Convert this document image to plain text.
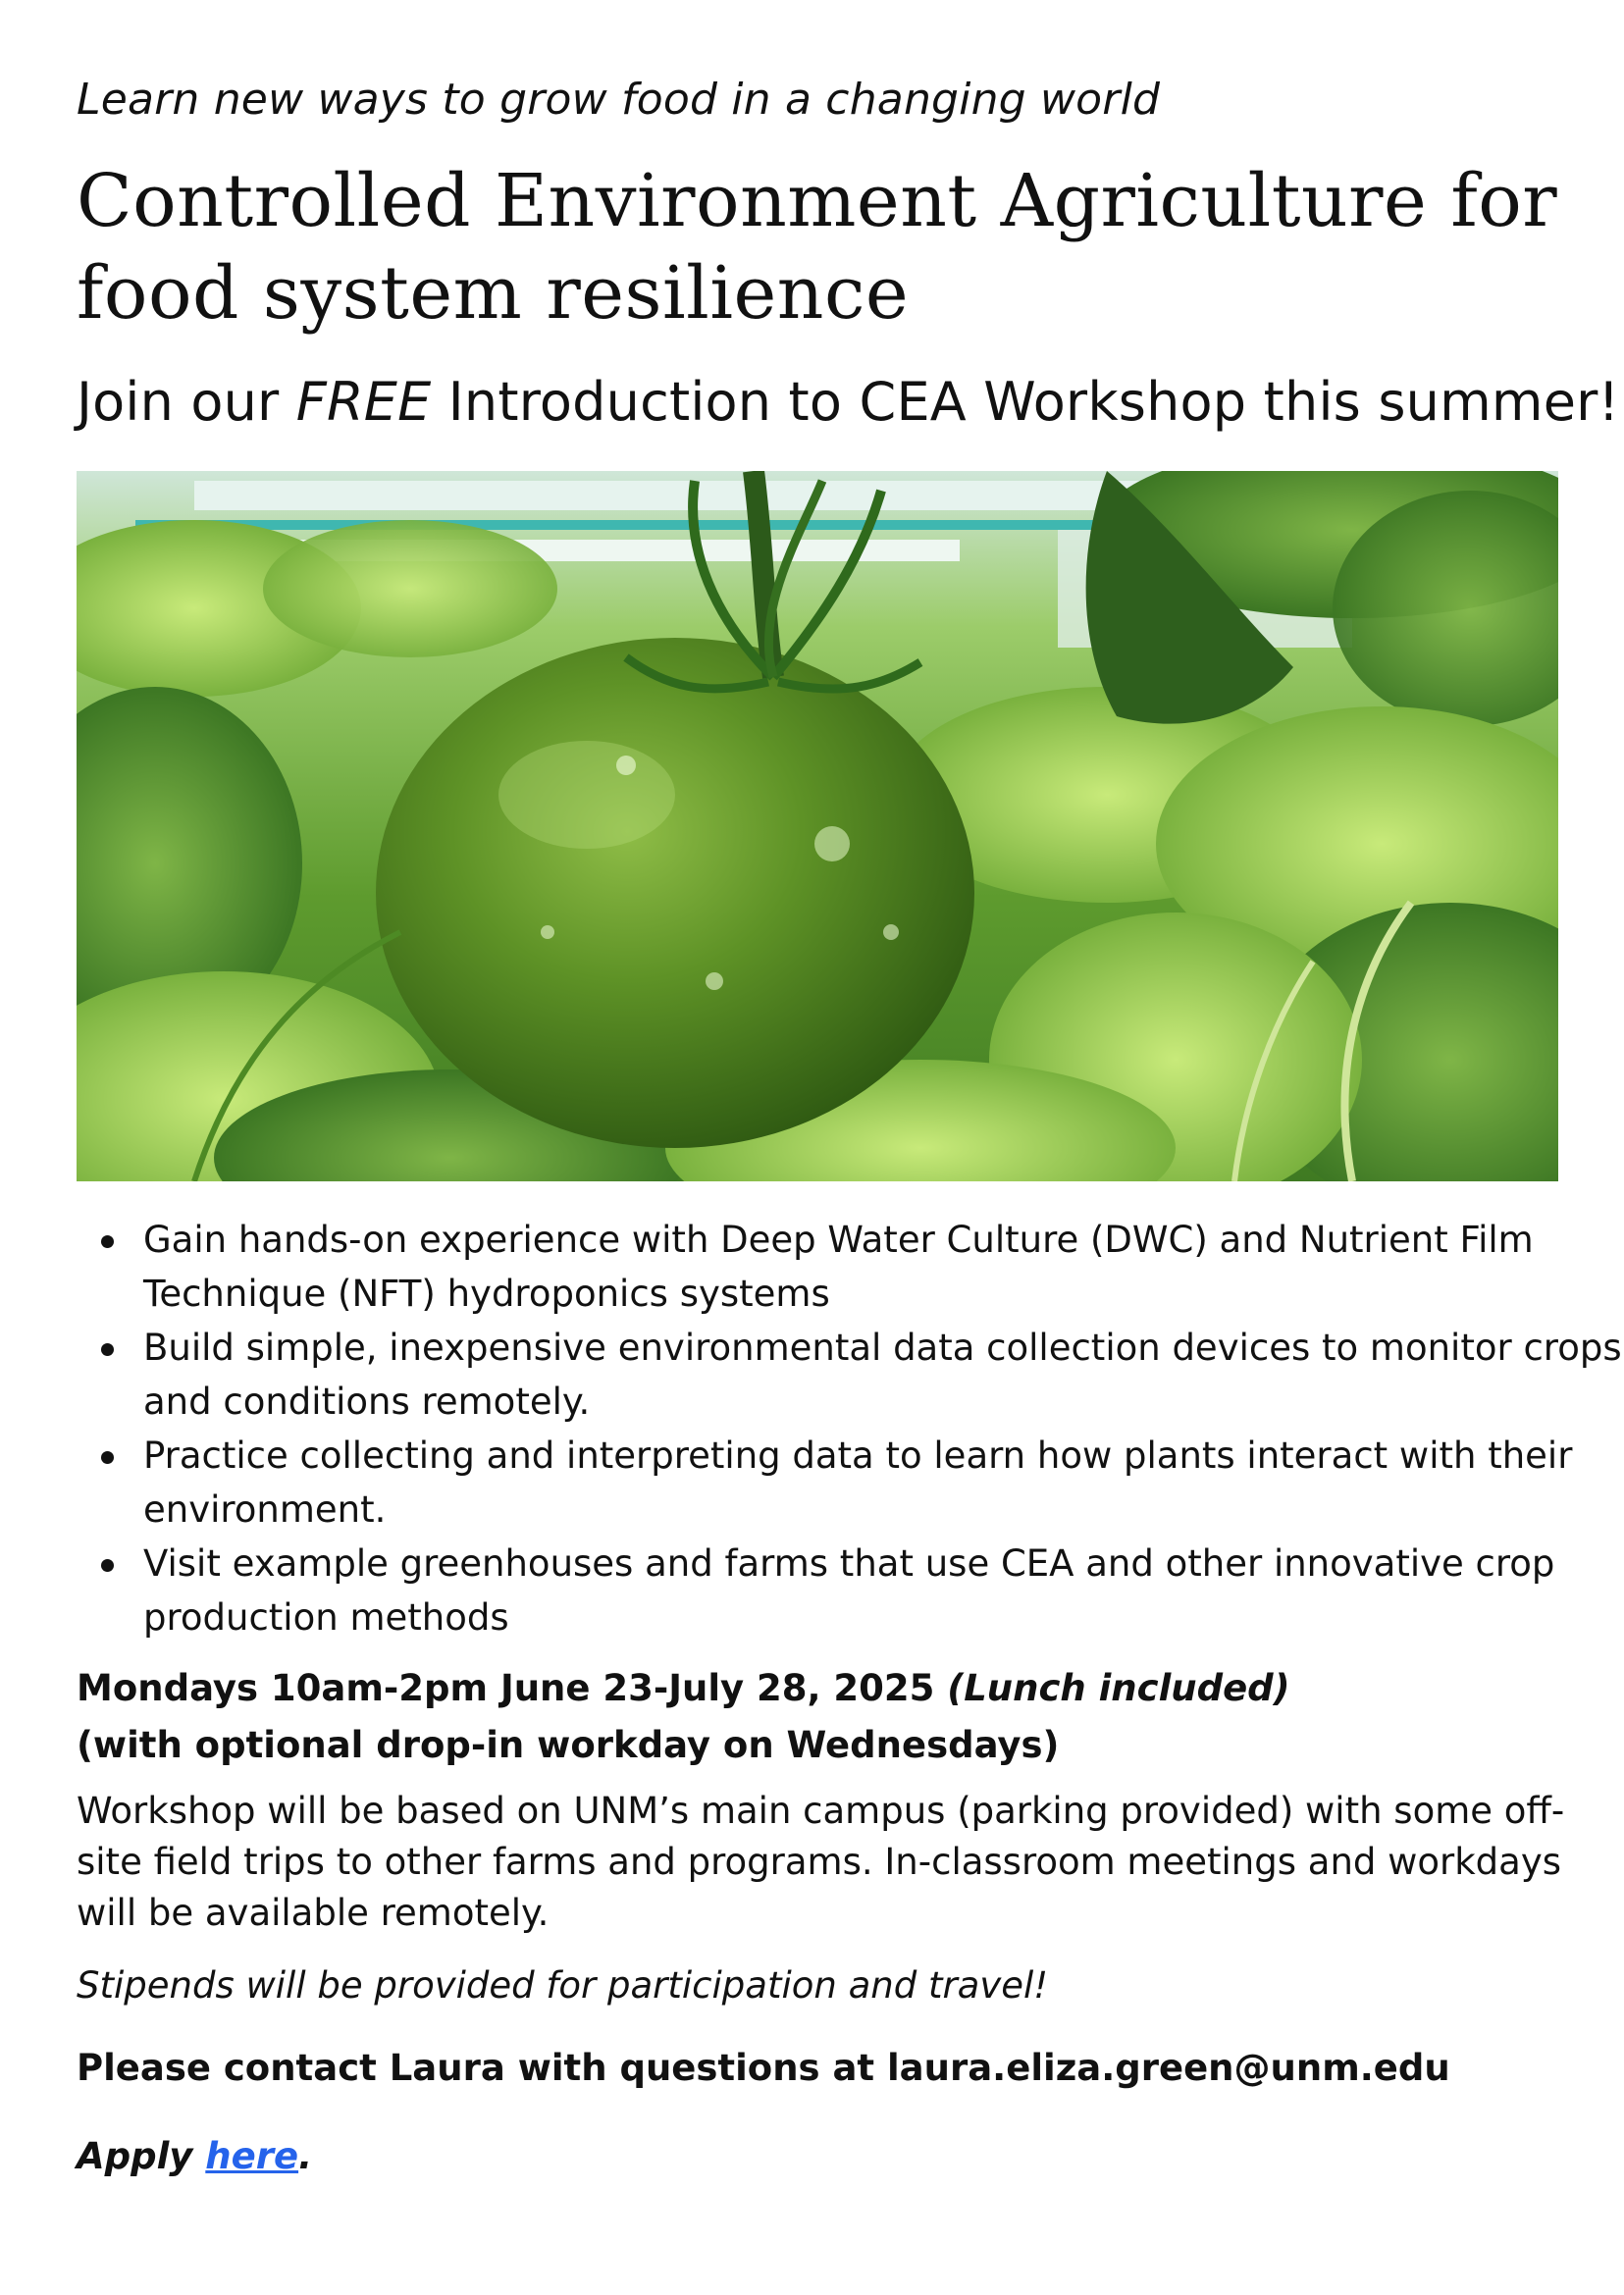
Learn new ways to grow food in a changing world
Controlled Environment Agriculture for food system resilience
Join our FREE Introduction to CEA Workshop this summer!
Gain hands-on experience with Deep Water Culture (DWC) and Nutrient Film Technique (NFT) hydroponics systems
Build simple, inexpensive environmental data collection devices to monitor crops and conditions remotely.
Practice collecting and interpreting data to learn how plants interact with their environment.
Visit example greenhouses and farms that use CEA and other innovative crop production methods
Mondays 10am-2pm June 23-July 28, 2025 (Lunch included)
(with optional drop-in workday on Wednesdays)
Workshop will be based on UNM’s main campus (parking provided) with some off-site field trips to other farms and programs. In-classroom meetings and workdays will be available remotely.
Stipends will be provided for participation and travel!
Please contact Laura with questions at laura.eliza.green@unm.edu
Apply here.
